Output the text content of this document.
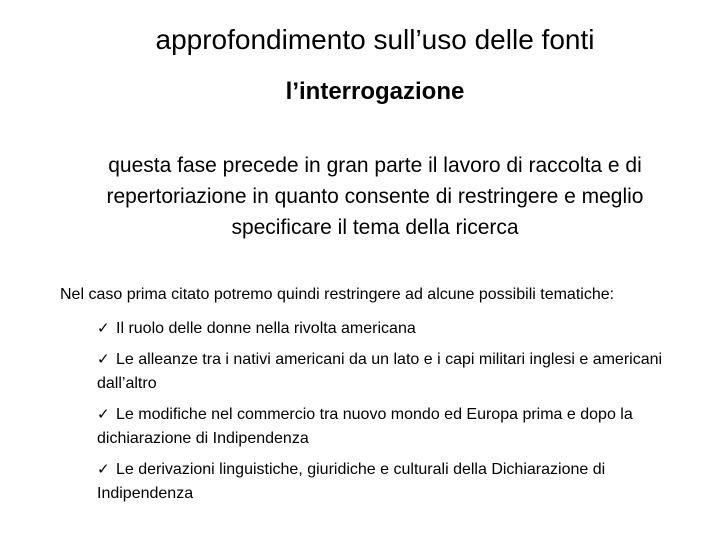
approfondimento sull’uso delle fonti
l’interrogazione

questa fase precede in gran parte il lavoro di raccolta e di repertoriazione in quanto consente di restringere e meglio specificare il tema della ricerca

Nel caso prima citato potremo quindi restringere ad alcune possibili tematiche:

✓ Il ruolo delle donne nella rivolta americana
✓ Le alleanze tra i nativi americani da un lato e i capi militari inglesi e americani dall’altro
✓ Le modifiche nel commercio tra nuovo mondo ed Europa prima e dopo la dichiarazione di Indipendenza
✓ Le derivazioni linguistiche, giuridiche e culturali della Dichiarazione di Indipendenza
